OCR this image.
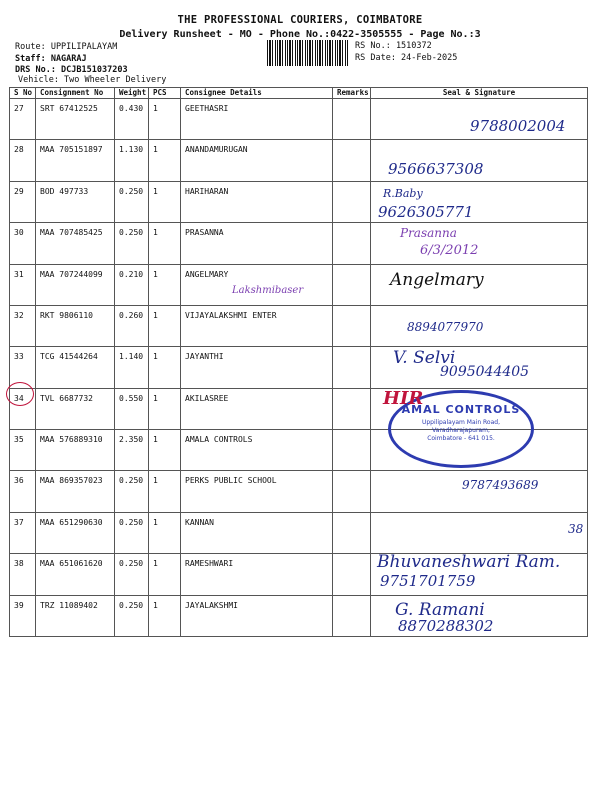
THE PROFESSIONAL COURIERS, COIMBATORE
Delivery Runsheet - MO - Phone No.:0422-3505555 - Page No.:3
Route: UPPILIPALAYAM
Staff: NAGARAJ
DRS No.: DCJB151037203
Vehicle: Two Wheeler Delivery
RS No.: 1510372
RS Date: 24-Feb-2025
S No	Consignment No	Weight	PCS	Consignee Details	Remarks	Seal & Signature
27	SRT 67412525	0.430	1	GEETHASRI		
28	MAA 705151897	1.130	1	ANANDAMURUGAN		
29	BOD 497733	0.250	1	HARIHARAN		
30	MAA 707485425	0.250	1	PRASANNA		
31	MAA 707244099	0.210	1	ANGELMARY		
32	RKT 9806110	0.260	1	VIJAYALAKSHMI ENTER		
33	TCG 41544264	1.140	1	JAYANTHI		
34	TVL 6687732	0.550	1	AKILASREE		
35	MAA 576889310	2.350	1	AMALA CONTROLS		
36	MAA 869357023	0.250	1	PERKS PUBLIC SCHOOL		
37	MAA 651290630	0.250	1	KANNAN		
38	MAA 651061620	0.250	1	RAMESHWARI		
39	TRZ 11089402	0.250	1	JAYALAKSHMI		
AMAL CONTROLS
Uppilipalayam Main Road,
Varadharajapuram,
Coimbatore - 641 015.
9788002004
9566637308
R.Baby
9626305771
Prasanna
6/3/2012
Lakshmibaser
Angelmary
8894077970
V. Selvi
9095044405
HIR
9787493689
38
Bhuvaneshwari Ram.
9751701759
G. Ramani
8870288302
